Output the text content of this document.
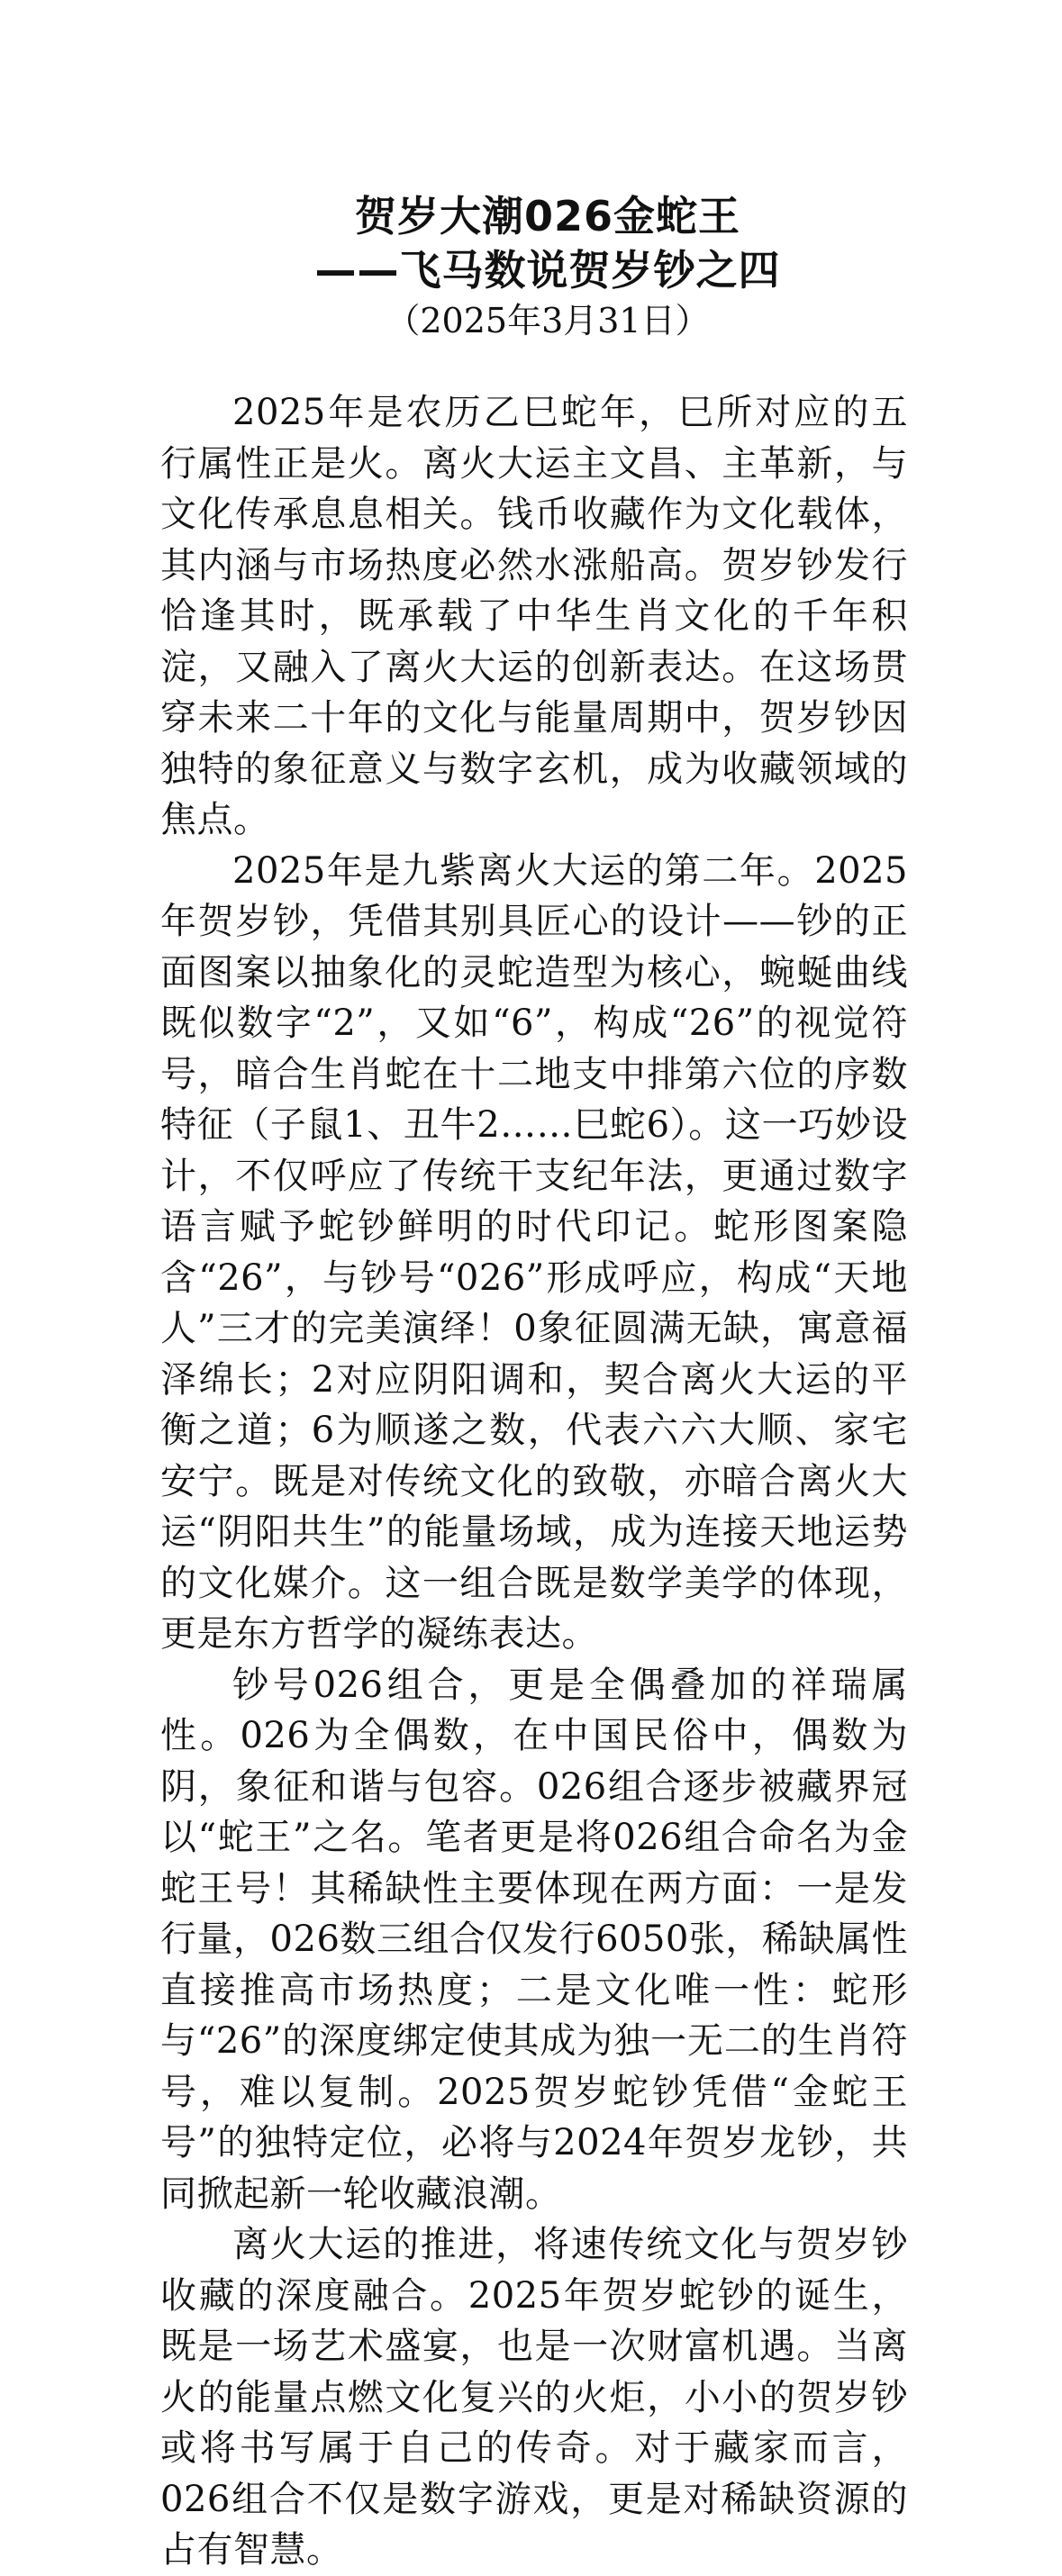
贺岁大潮026金蛇王
——飞马数说贺岁钞之四

（2025年3月31日）

2025年是农历乙巳蛇年，巳所对应的五行属性正是火。离火大运主文昌、主革新，与文化传承息息相关。钱币收藏作为文化载体，其内涵与市场热度必然水涨船高。贺岁钞发行恰逢其时，既承载了中华生肖文化的千年积淀，又融入了离火大运的创新表达。在这场贯穿未来二十年的文化与能量周期中，贺岁钞因独特的象征意义与数字玄机，成为收藏领域的焦点。

2025年是九紫离火大运的第二年。2025年贺岁钞，凭借其别具匠心的设计——钞的正面图案以抽象化的灵蛇造型为核心，蜿蜒曲线既似数字“2”，又如“6”，构成“26”的视觉符号，暗合生肖蛇在十二地支中排第六位的序数特征（子鼠1、丑牛2……巳蛇6）。这一巧妙设计，不仅呼应了传统干支纪年法，更通过数字语言赋予蛇钞鲜明的时代印记。蛇形图案隐含“26”，与钞号“026”形成呼应，构成“天地人”三才的完美演绎！0象征圆满无缺，寓意福泽绵长；2对应阴阳调和，契合离火大运的平衡之道；6为顺遂之数，代表六六大顺、家宅安宁。既是对传统文化的致敬，亦暗合离火大运“阴阳共生”的能量场域，成为连接天地运势的文化媒介。这一组合既是数学美学的体现，更是东方哲学的凝练表达。

钞号026组合，更是全偶叠加的祥瑞属性。026为全偶数，在中国民俗中，偶数为阴，象征和谐与包容。026组合逐步被藏界冠以“蛇王”之名。笔者更是将026组合命名为金蛇王号！其稀缺性主要体现在两方面：一是发行量，026数三组合仅发行6050张，稀缺属性直接推高市场热度；二是文化唯一性：蛇形与“26”的深度绑定使其成为独一无二的生肖符号，难以复制。2025贺岁蛇钞凭借“金蛇王号”的独特定位，必将与2024年贺岁龙钞，共同掀起新一轮收藏浪潮。

离火大运的推进，将速传统文化与贺岁钞收藏的深度融合。2025年贺岁蛇钞的诞生，既是一场艺术盛宴，也是一次财富机遇。当离火的能量点燃文化复兴的火炬，小小的贺岁钞或将书写属于自己的传奇。对于藏家而言，026组合不仅是数字游戏，更是对稀缺资源的占有智慧。
